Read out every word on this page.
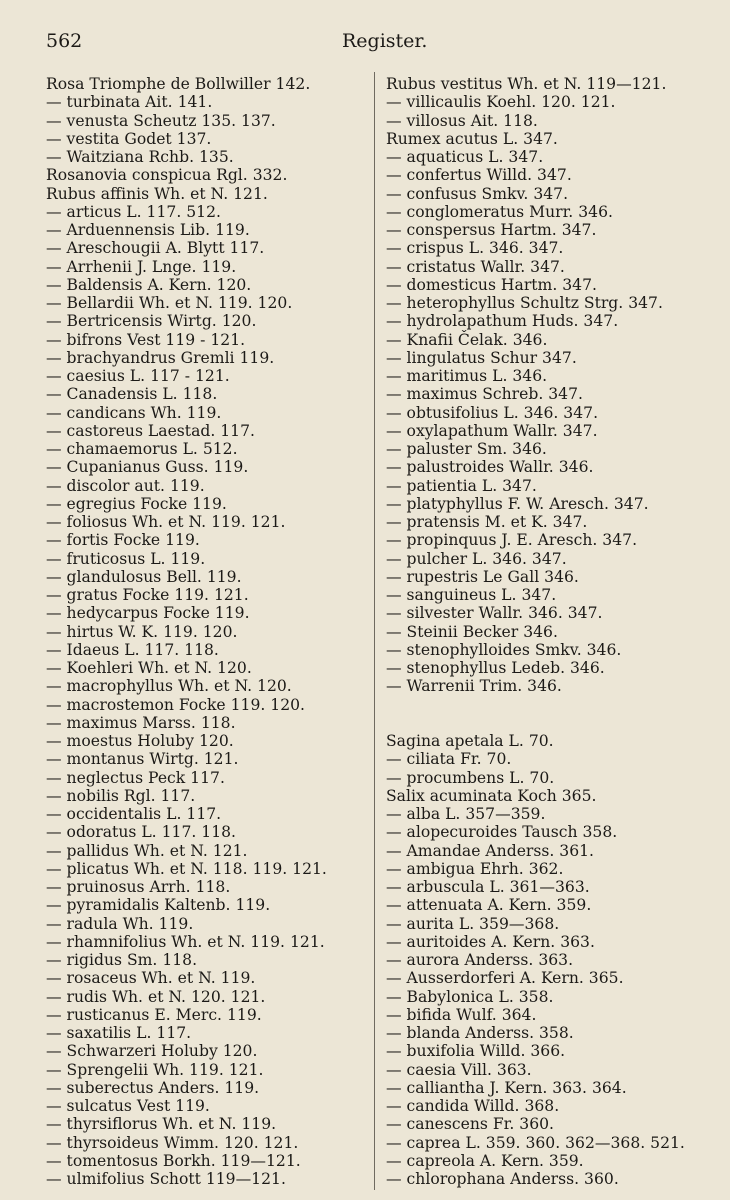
562	Register.
Rosa Triomphe de Bollwiller 142.
— turbinata Ait. 141.
— venusta Scheutz 135. 137.
— vestita Godet 137.
— Waitziana Rchb. 135.
Rosanovia conspicua Rgl. 332.
Rubus affinis Wh. et N. 121.
— articus L. 117. 512.
— Arduennensis Lib. 119.
— Areschougii A. Blytt 117.
— Arrhenii J. Lnge. 119.
— Baldensis A. Kern. 120.
— Bellardii Wh. et N. 119. 120.
— Bertricensis Wirtg. 120.
— bifrons Vest 119 - 121.
— brachyandrus Gremli 119.
— caesius L. 117 - 121.
— Canadensis L. 118.
— candicans Wh. 119.
— castoreus Laestad. 117.
— chamaemorus L. 512.
— Cupanianus Guss. 119.
— discolor aut. 119.
— egregius Focke 119.
— foliosus Wh. et N. 119. 121.
— fortis Focke 119.
— fruticosus L. 119.
— glandulosus Bell. 119.
— gratus Focke 119. 121.
— hedycarpus Focke 119.
— hirtus W. K. 119. 120.
— Idaeus L. 117. 118.
— Koehleri Wh. et N. 120.
— macrophyllus Wh. et N. 120.
— macrostemon Focke 119. 120.
— maximus Marss. 118.
— moestus Holuby 120.
— montanus Wirtg. 121.
— neglectus Peck 117.
— nobilis Rgl. 117.
— occidentalis L. 117.
— odoratus L. 117. 118.
— pallidus Wh. et N. 121.
— plicatus Wh. et N. 118. 119. 121.
— pruinosus Arrh. 118.
— pyramidalis Kaltenb. 119.
— radula Wh. 119.
— rhamnifolius Wh. et N. 119. 121.
— rigidus Sm. 118.
— rosaceus Wh. et N. 119.
— rudis Wh. et N. 120. 121.
— rusticanus E. Merc. 119.
— saxatilis L. 117.
— Schwarzeri Holuby 120.
— Sprengelii Wh. 119. 121.
— suberectus Anders. 119.
— sulcatus Vest 119.
— thyrsiflorus Wh. et N. 119.
— thyrsoideus Wimm. 120. 121.
— tomentosus Borkh. 119—121.
— ulmifolius Schott 119—121.
Rubus vestitus Wh. et N. 119—121.
— villicaulis Koehl. 120. 121.
— villosus Ait. 118.
Rumex acutus L. 347.
— aquaticus L. 347.
— confertus Willd. 347.
— confusus Smkv. 347.
— conglomeratus Murr. 346.
— conspersus Hartm. 347.
— crispus L. 346. 347.
— cristatus Wallr. 347.
— domesticus Hartm. 347.
— heterophyllus Schultz Strg. 347.
— hydrolapathum Huds. 347.
— Knafii Čelak. 346.
— lingulatus Schur 347.
— maritimus L. 346.
— maximus Schreb. 347.
— obtusifolius L. 346. 347.
— oxylapathum Wallr. 347.
— paluster Sm. 346.
— palustroides Wallr. 346.
— patientia L. 347.
— platyphyllus F. W. Aresch. 347.
— pratensis M. et K. 347.
— propinquus J. E. Aresch. 347.
— pulcher L. 346. 347.
— rupestris Le Gall 346.
— sanguineus L. 347.
— silvester Wallr. 346. 347.
— Steinii Becker 346.
— stenophylloides Smkv. 346.
— stenophyllus Ledeb. 346.
— Warrenii Trim. 346.
Sagina apetala L. 70.
— ciliata Fr. 70.
— procumbens L. 70.
Salix acuminata Koch 365.
— alba L. 357—359.
— alopecuroides Tausch 358.
— Amandae Anderss. 361.
— ambigua Ehrh. 362.
— arbuscula L. 361—363.
— attenuata A. Kern. 359.
— aurita L. 359—368.
— auritoides A. Kern. 363.
— aurora Anderss. 363.
— Ausserdorferi A. Kern. 365.
— Babylonica L. 358.
— bifida Wulf. 364.
— blanda Anderss. 358.
— buxifolia Willd. 366.
— caesia Vill. 363.
— calliantha J. Kern. 363. 364.
— candida Willd. 368.
— canescens Fr. 360.
— caprea L. 359. 360. 362—368. 521.
— capreola A. Kern. 359.
— chlorophana Anderss. 360.
